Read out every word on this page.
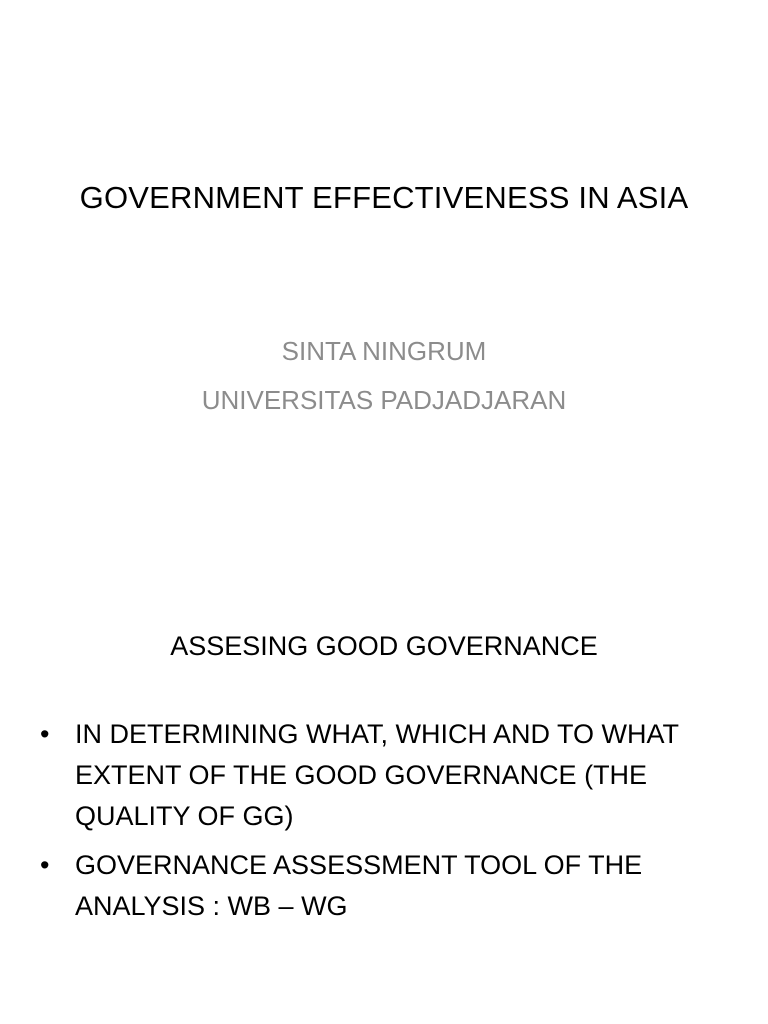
GOVERNMENT EFFECTIVENESS IN ASIA
SINTA NINGRUM
UNIVERSITAS PADJADJARAN
ASSESING GOOD GOVERNANCE
• IN DETERMINING WHAT, WHICH AND TO WHAT EXTENT OF THE GOOD GOVERNANCE (THE QUALITY OF GG)
• GOVERNANCE ASSESSMENT TOOL OF THE ANALYSIS : WB – WG
